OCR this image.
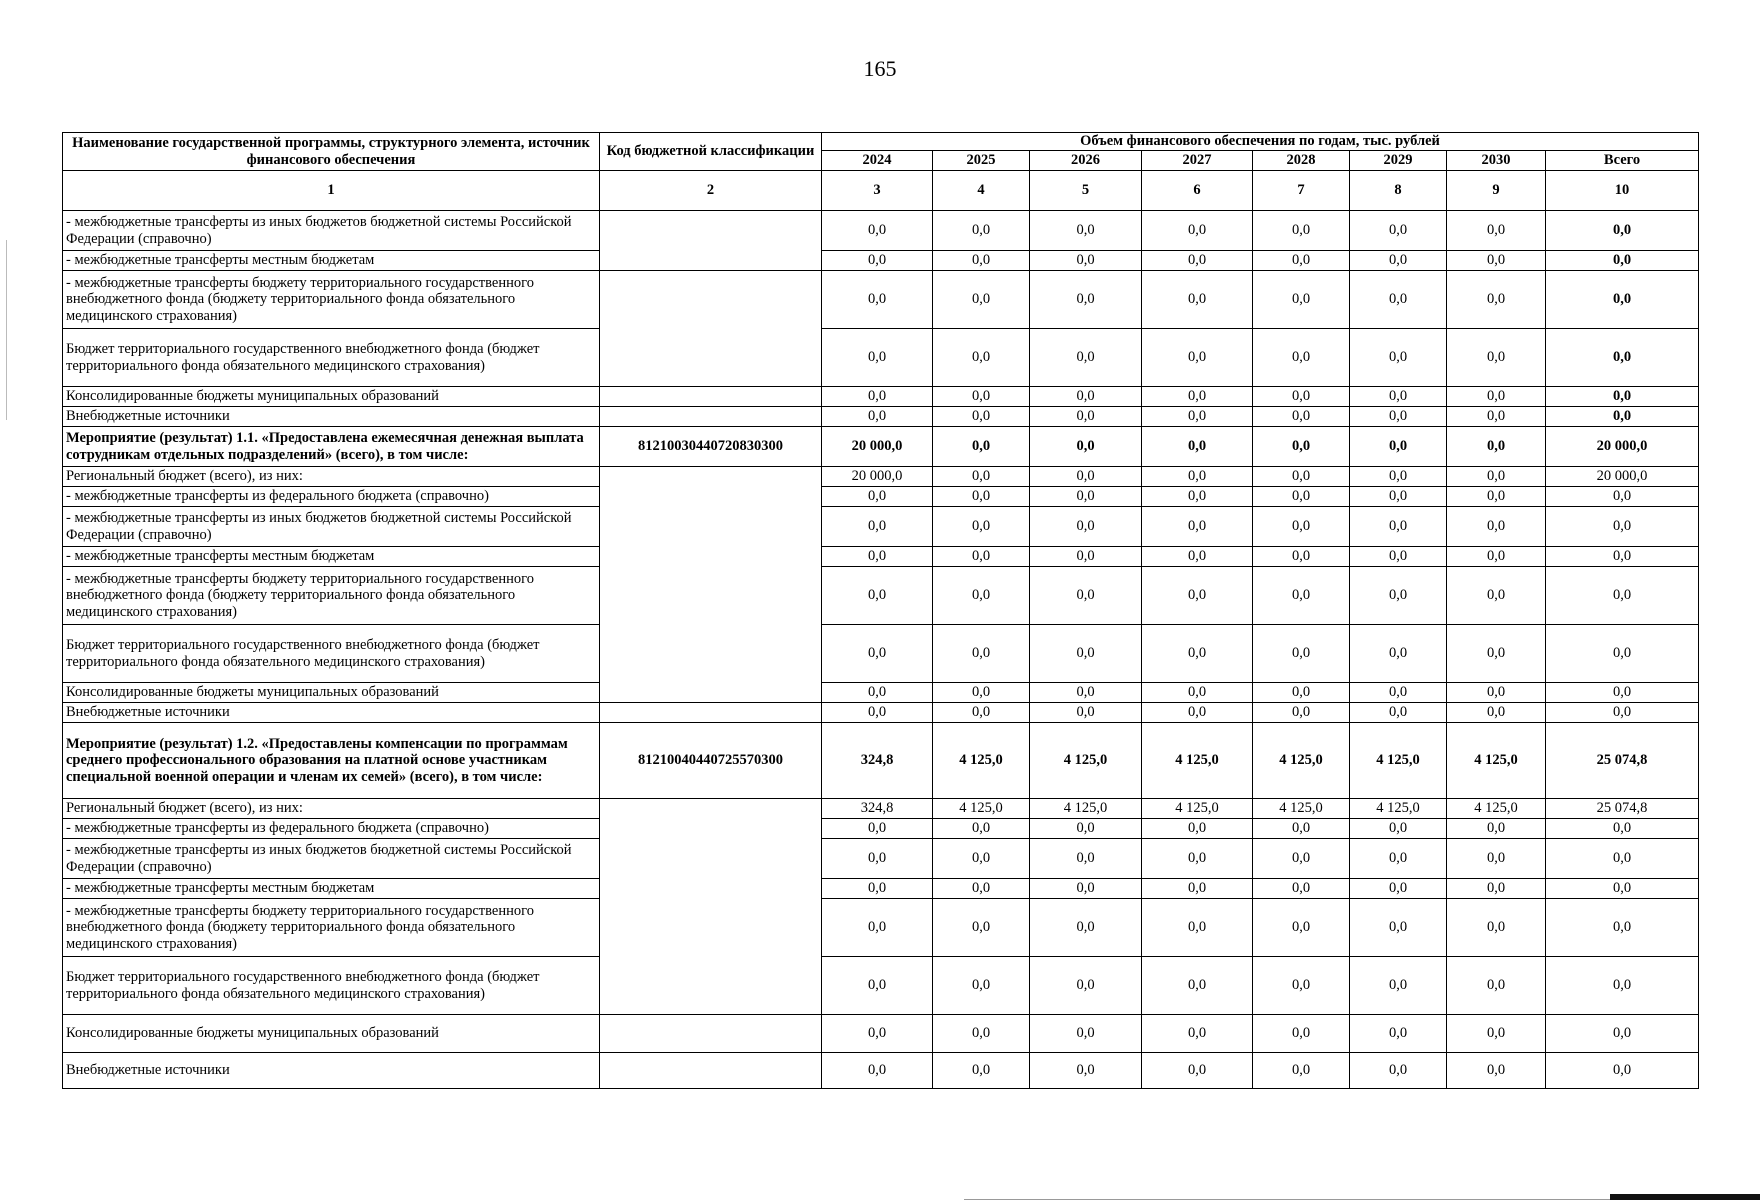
165
Наименование государственной программы, структурного элемента, источник финансового обеспечения	Код бюджетной классификации	Объем финансового обеспечения по годам, тыс. рублей							
		2024	2025	2026	2027	2028	2029	2030	Всего
1	2	3	4	5	6	7	8	9	10
- межбюджетные трансферты из иных бюджетов бюджетной системы Российской Федерации (справочно)		0,0	0,0	0,0	0,0	0,0	0,0	0,0	0,0
- межбюджетные трансферты местным бюджетам		0,0	0,0	0,0	0,0	0,0	0,0	0,0	0,0
- межбюджетные трансферты бюджету территориального государственного внебюджетного фонда (бюджету территориального фонда обязательного медицинского страхования)		0,0	0,0	0,0	0,0	0,0	0,0	0,0	0,0
Бюджет территориального государственного внебюджетного фонда (бюджет территориального фонда обязательного медицинского страхования)		0,0	0,0	0,0	0,0	0,0	0,0	0,0	0,0
Консолидированные бюджеты муниципальных образований		0,0	0,0	0,0	0,0	0,0	0,0	0,0	0,0
Внебюджетные источники		0,0	0,0	0,0	0,0	0,0	0,0	0,0	0,0
Мероприятие (результат) 1.1. «Предоставлена ежемесячная денежная выплата сотрудникам отдельных подразделений» (всего), в том числе:	81210030440720830300	20 000,0	0,0	0,0	0,0	0,0	0,0	0,0	20 000,0
Региональный бюджет (всего), из них:		20 000,0	0,0	0,0	0,0	0,0	0,0	0,0	20 000,0
- межбюджетные трансферты из федерального бюджета (справочно)		0,0	0,0	0,0	0,0	0,0	0,0	0,0	0,0
- межбюджетные трансферты из иных бюджетов бюджетной системы Российской Федерации (справочно)		0,0	0,0	0,0	0,0	0,0	0,0	0,0	0,0
- межбюджетные трансферты местным бюджетам		0,0	0,0	0,0	0,0	0,0	0,0	0,0	0,0
- межбюджетные трансферты бюджету территориального государственного внебюджетного фонда (бюджету территориального фонда обязательного медицинского страхования)		0,0	0,0	0,0	0,0	0,0	0,0	0,0	0,0
Бюджет территориального государственного внебюджетного фонда (бюджет территориального фонда обязательного медицинского страхования)		0,0	0,0	0,0	0,0	0,0	0,0	0,0	0,0
Консолидированные бюджеты муниципальных образований		0,0	0,0	0,0	0,0	0,0	0,0	0,0	0,0
Внебюджетные источники		0,0	0,0	0,0	0,0	0,0	0,0	0,0	0,0
Мероприятие (результат) 1.2. «Предоставлены компенсации по программам среднего профессионального образования на платной основе участникам специальной военной операции и членам их семей» (всего), в том числе:	81210040440725570300	324,8	4 125,0	4 125,0	4 125,0	4 125,0	4 125,0	4 125,0	25 074,8
Региональный бюджет (всего), из них:		324,8	4 125,0	4 125,0	4 125,0	4 125,0	4 125,0	4 125,0	25 074,8
- межбюджетные трансферты из федерального бюджета (справочно)		0,0	0,0	0,0	0,0	0,0	0,0	0,0	0,0
- межбюджетные трансферты из иных бюджетов бюджетной системы Российской Федерации (справочно)		0,0	0,0	0,0	0,0	0,0	0,0	0,0	0,0
- межбюджетные трансферты местным бюджетам		0,0	0,0	0,0	0,0	0,0	0,0	0,0	0,0
- межбюджетные трансферты бюджету территориального государственного внебюджетного фонда (бюджету территориального фонда обязательного медицинского страхования)		0,0	0,0	0,0	0,0	0,0	0,0	0,0	0,0
Бюджет территориального государственного внебюджетного фонда (бюджет территориального фонда обязательного медицинского страхования)		0,0	0,0	0,0	0,0	0,0	0,0	0,0	0,0
Консолидированные бюджеты муниципальных образований		0,0	0,0	0,0	0,0	0,0	0,0	0,0	0,0
Внебюджетные источники		0,0	0,0	0,0	0,0	0,0	0,0	0,0	0,0
